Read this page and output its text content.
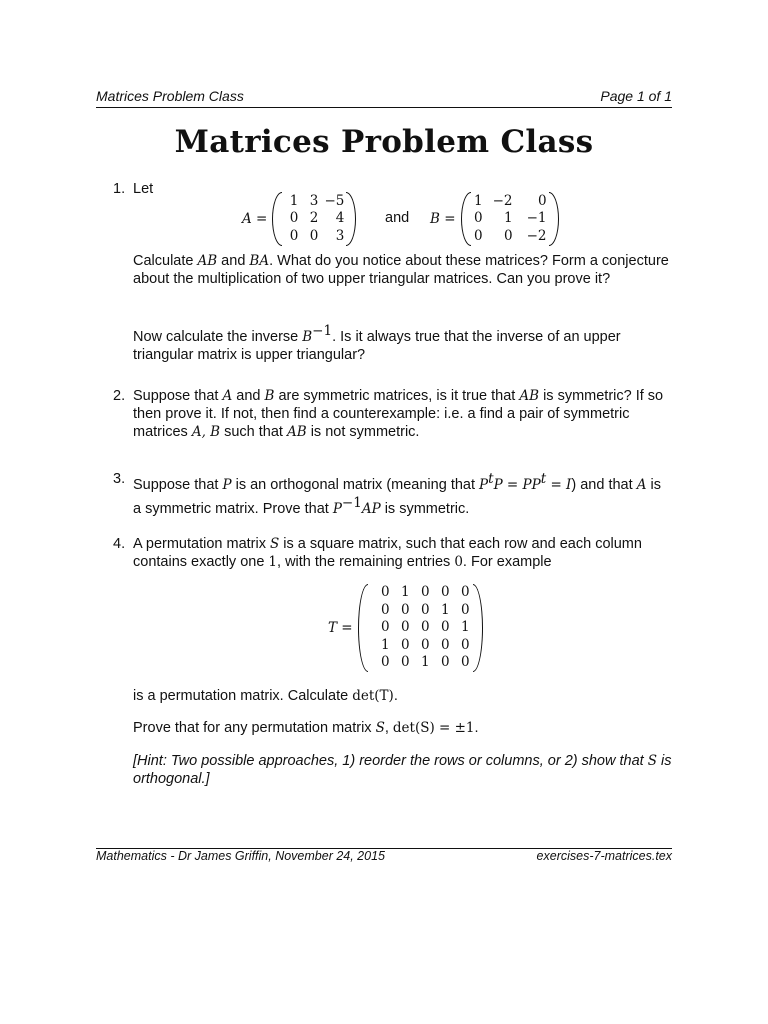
Matrices Problem Class	Page 1 of 1
Matrices Problem Class
1. Let
A =
1 3 −5
0 2	4
0 0	3
and B =
1 −2	0
0	1	−1
0	0	−2
Calculate AB and BA. What do you notice about these matrices? Form a conjecture about the multiplication of two upper triangular matrices. Can you prove it?
Now calculate the inverse $B^{-1}$. Is it always true that the inverse of an upper triangular matrix is upper triangular?
2. Suppose that A and B are symmetric matrices, is it true that AB is symmetric? If so then prove it. If not, then find a counterexample: i.e. a find a pair of symmetric matrices A, B such that AB is not symmetric.
3. Suppose that P is an orthogonal matrix (meaning that $P^tP = PP^t = I$) and that A is a symmetric matrix. Prove that $P^{-1}AP$ is symmetric.
4. A permutation matrix S is a square matrix, such that each row and each column contains exactly one 1, with the remaining entries 0. For example
T =
0 1 0 0 0
0 0 0 1 0
0 0 0 0 1
1 0 0 0 0
0 0 1 0 0
is a permutation matrix. Calculate det(T).
Prove that for any permutation matrix S, det(S) = ±1.
[Hint: Two possible approaches, 1) reorder the rows or columns, or 2) show that S is orthogonal.]
Mathematics - Dr James Griffin, November 24, 2015	exercises-7-matrices.tex
